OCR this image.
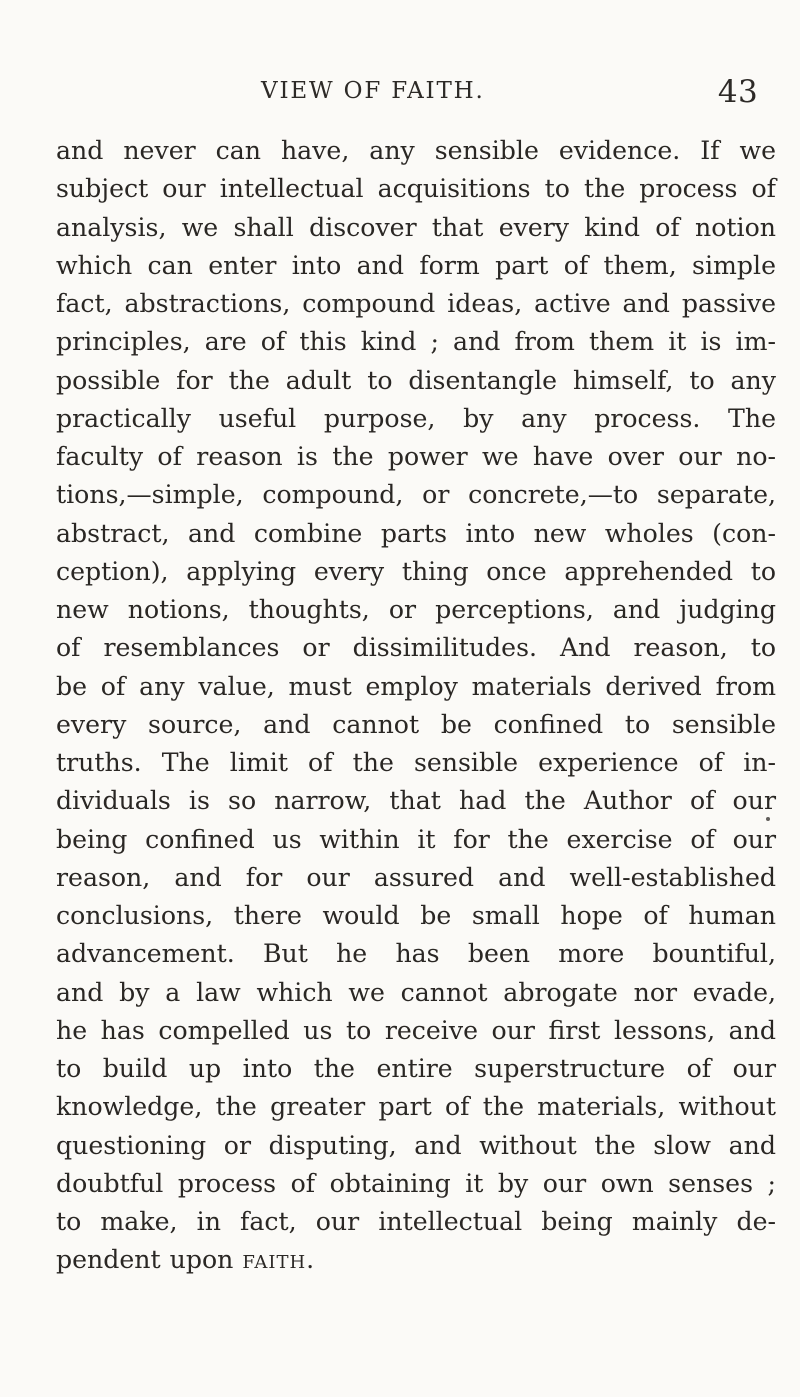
VIEW OF FAITH.	43

and never can have, any sensible evidence. If we
subject our intellectual acquisitions to the process of
analysis, we shall discover that every kind of notion
which can enter into and form part of them, simple
fact, abstractions, compound ideas, active and passive
principles, are of this kind ; and from them it is im-
possible for the adult to disentangle himself, to any
practically useful purpose, by any process. The
faculty of reason is the power we have over our no-
tions,—simple, compound, or concrete,—to separate,
abstract, and combine parts into new wholes (con-
ception), applying every thing once apprehended to
new notions, thoughts, or perceptions, and judging
of resemblances or dissimilitudes. And reason, to
be of any value, must employ materials derived from
every source, and cannot be confined to sensible
truths. The limit of the sensible experience of in-
dividuals is so narrow, that had the Author of our
being confined us within it for the exercise of our
reason, and for our assured and well-established
conclusions, there would be small hope of human
advancement. But he has been more bountiful,
and by a law which we cannot abrogate nor evade,
he has compelled us to receive our first lessons, and
to build up into the entire superstructure of our
knowledge, the greater part of the materials, without
questioning or disputing, and without the slow and
doubtful process of obtaining it by our own senses ;
to make, in fact, our intellectual being mainly de-
pendent upon faith.
